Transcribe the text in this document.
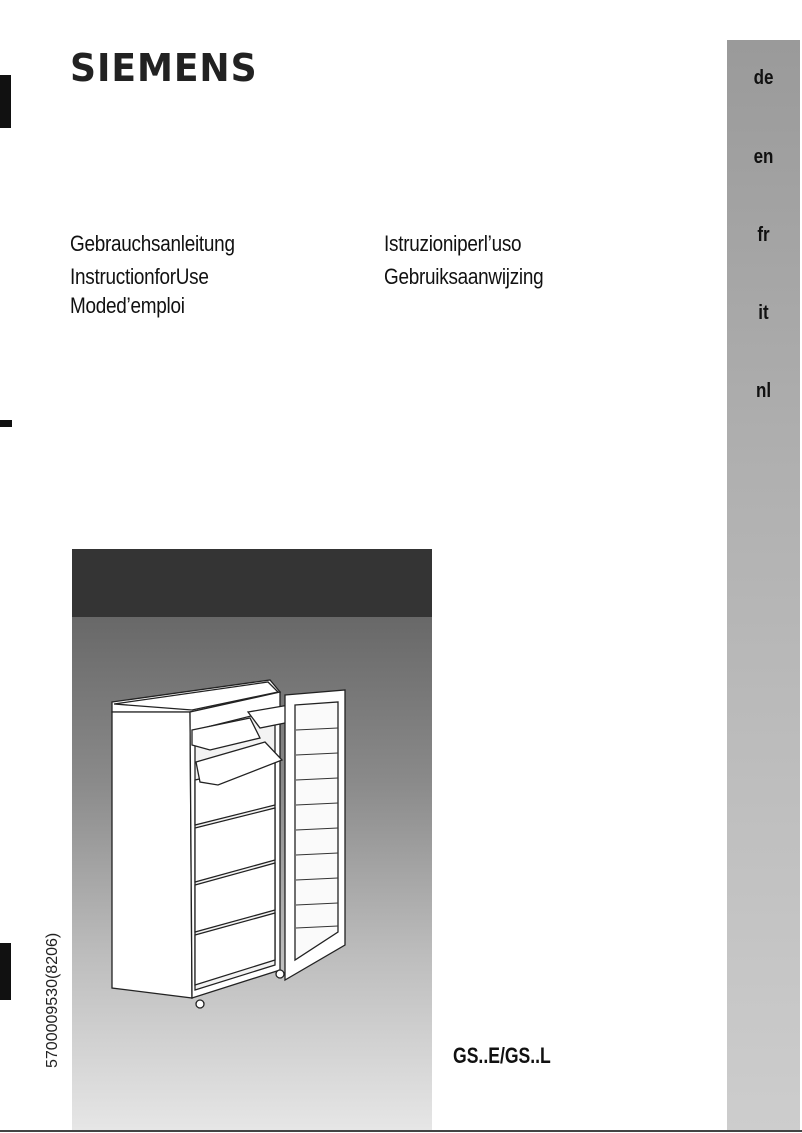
SIEMENS
Gebrauchsanleitung
InstructionforUse
Moded’emploi
Istruzioniperl’uso
Gebruiksaanwijzing
de
en
fr
it
nl
5700009530(8206)	GS..E/GS..L
